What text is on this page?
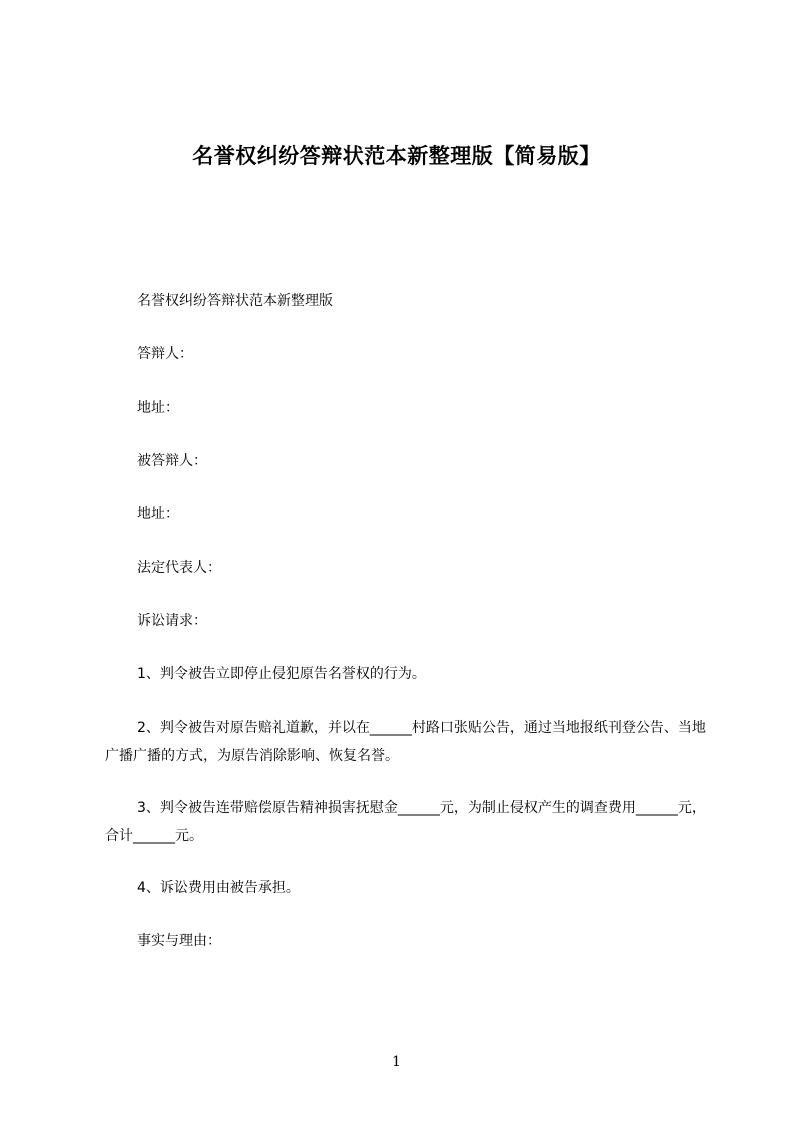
名誉权纠纷答辩状范本新整理版【简易版】
名誉权纠纷答辩状范本新整理版
答辩人：
地址：
被答辩人：
地址：
法定代表人：
诉讼请求：
1、判令被告立即停止侵犯原告名誉权的行为。
2、判令被告对原告赔礼道歉，并以在______村路口张贴公告，通过当地报纸刊登公告、当地广播广播的方式，为原告消除影响、恢复名誉。
3、判令被告连带赔偿原告精神损害抚慰金______元，为制止侵权产生的调查费用______元，合计______元。
4、诉讼费用由被告承担。
事实与理由：
1
